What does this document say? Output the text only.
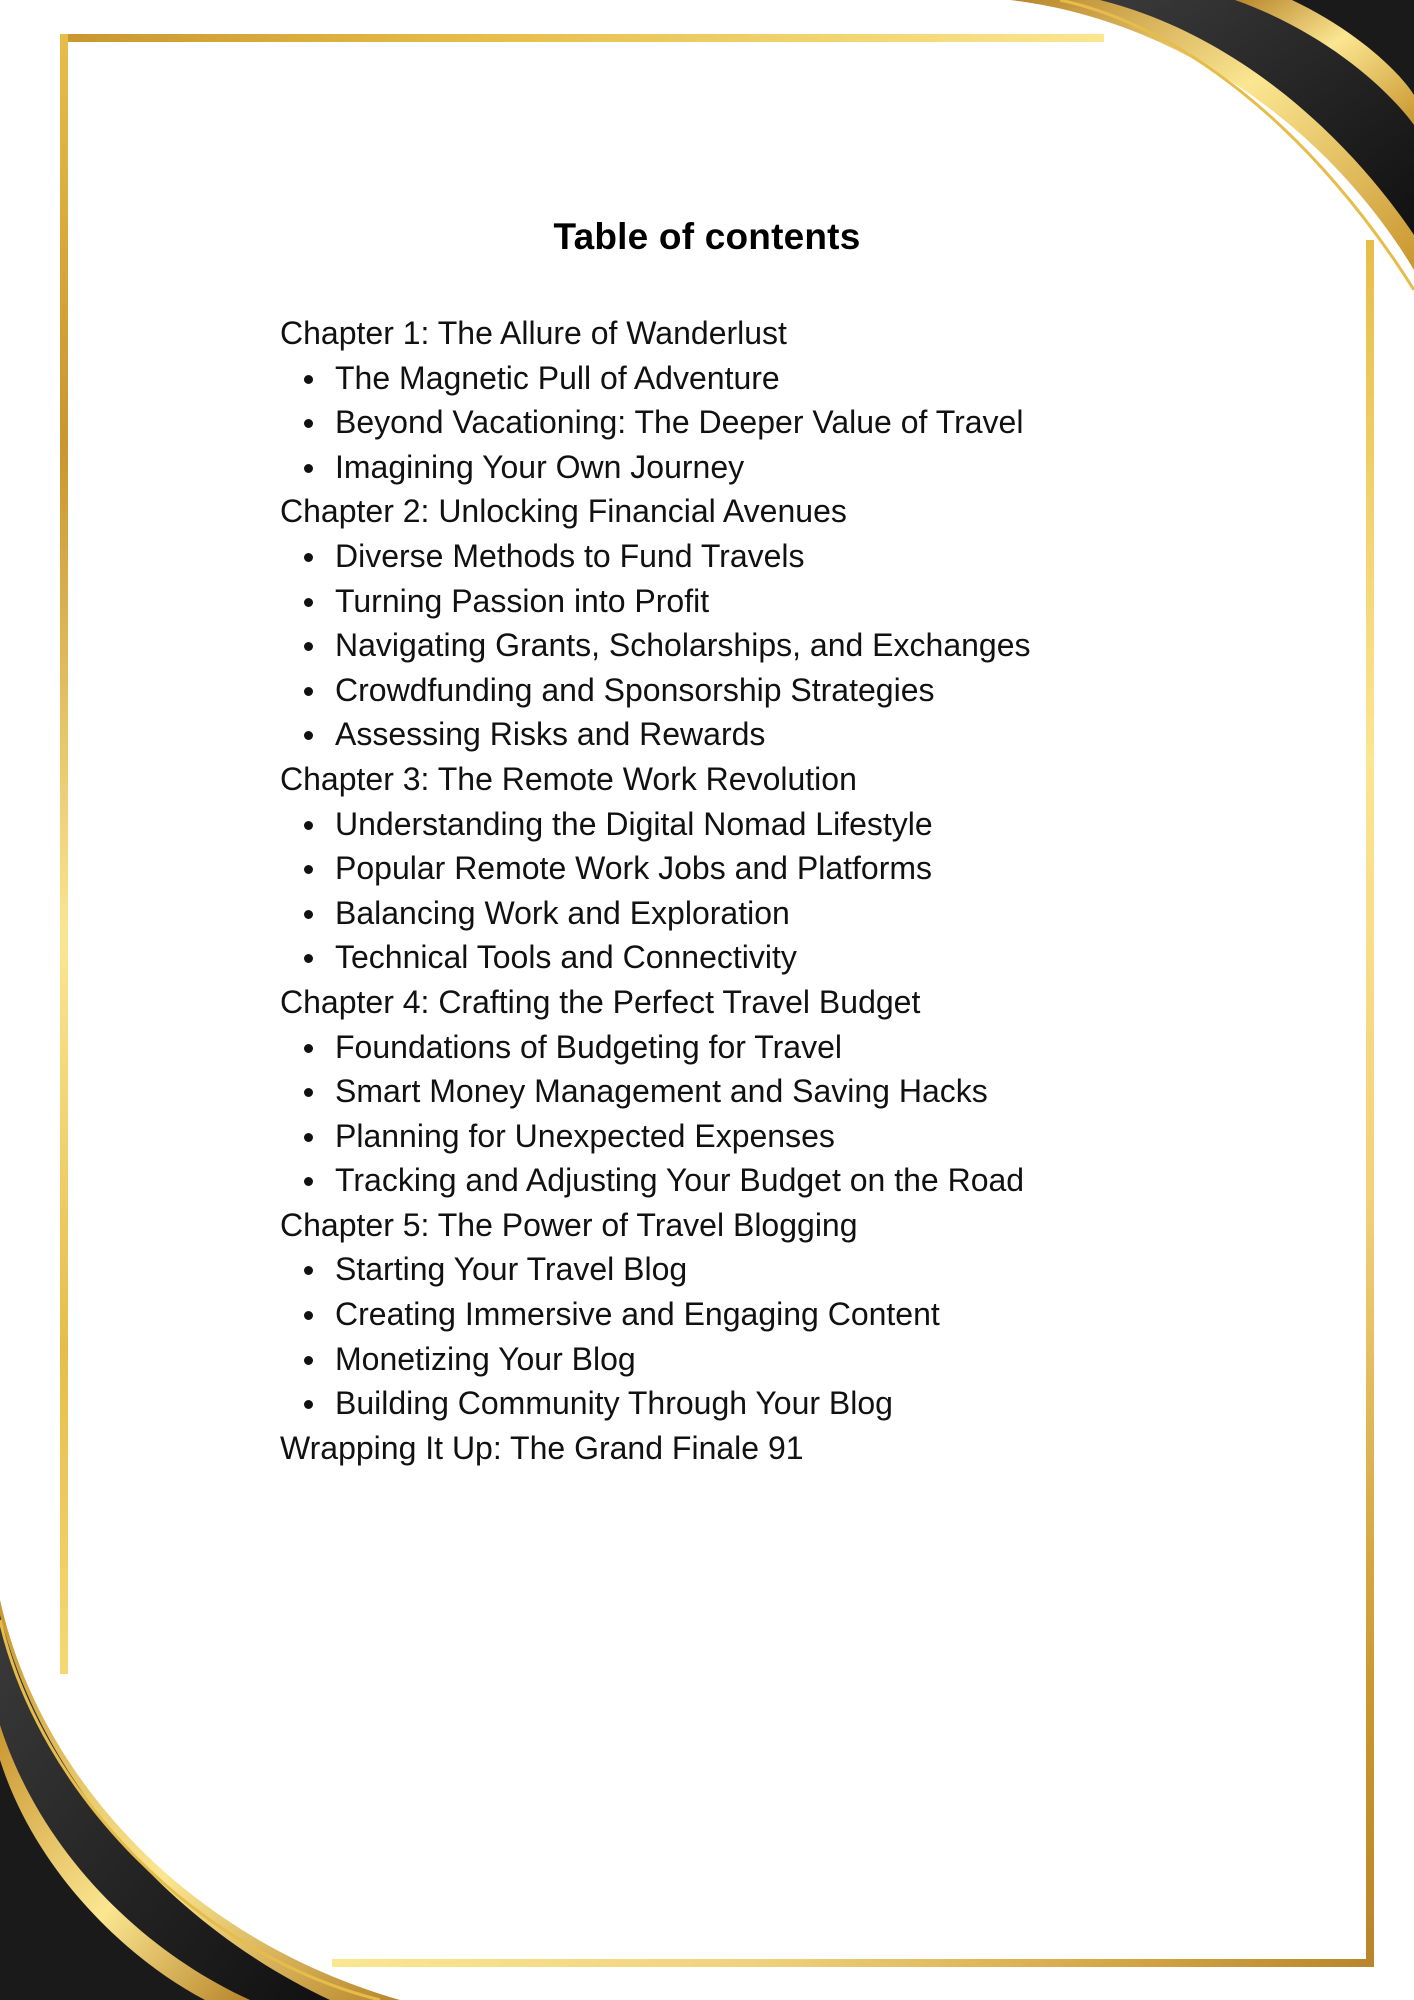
Table of contents
Chapter 1: The Allure of Wanderlust
The Magnetic Pull of Adventure
Beyond Vacationing: The Deeper Value of Travel
Imagining Your Own Journey
Chapter 2: Unlocking Financial Avenues
Diverse Methods to Fund Travels
Turning Passion into Profit
Navigating Grants, Scholarships, and Exchanges
Crowdfunding and Sponsorship Strategies
Assessing Risks and Rewards
Chapter 3: The Remote Work Revolution
Understanding the Digital Nomad Lifestyle
Popular Remote Work Jobs and Platforms
Balancing Work and Exploration
Technical Tools and Connectivity
Chapter 4: Crafting the Perfect Travel Budget
Foundations of Budgeting for Travel
Smart Money Management and Saving Hacks
Planning for Unexpected Expenses
Tracking and Adjusting Your Budget on the Road
Chapter 5: The Power of Travel Blogging
Starting Your Travel Blog
Creating Immersive and Engaging Content
Monetizing Your Blog
Building Community Through Your Blog
Wrapping It Up: The Grand Finale 91
